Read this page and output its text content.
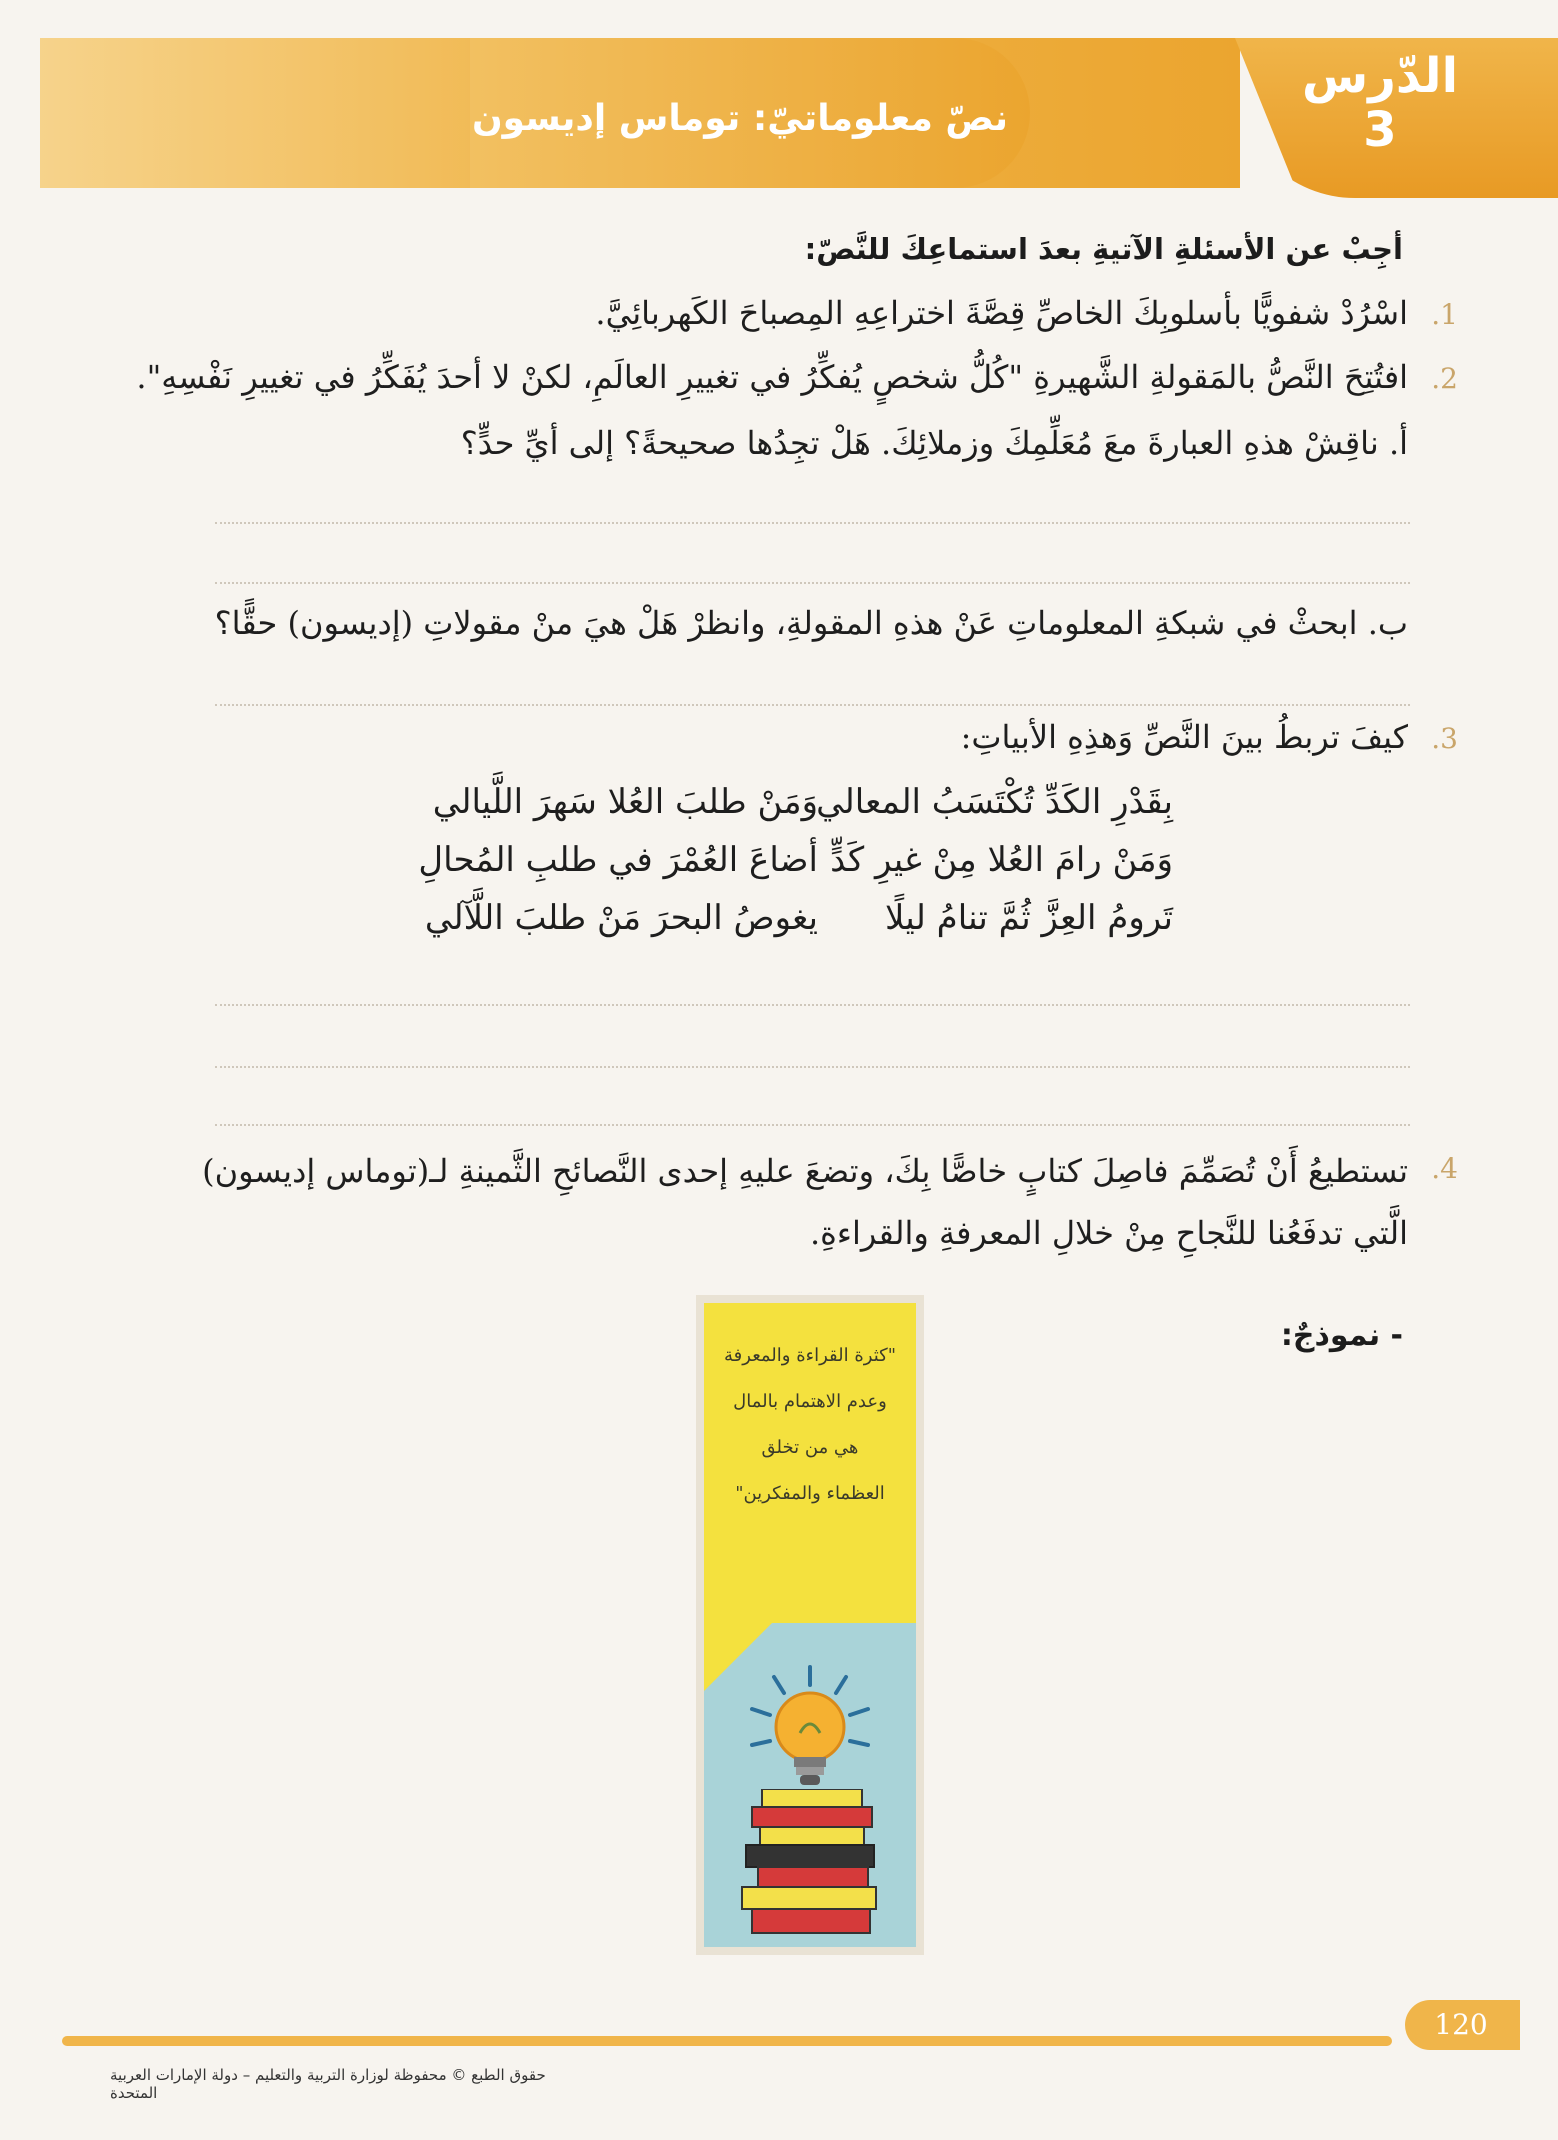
نصّ معلوماتيّ: توماس إديسون
الدّرس
3
أجِبْ عن الأسئلةِ الآتيةِ بعدَ استماعِكَ للنَّصّ:
1.
اسْرُدْ شفويًّا بأسلوبِكَ الخاصِّ قِصَّةَ اختراعِهِ المِصباحَ الكَهربائِيَّ.
2.
افتُتِحَ النَّصُّ بالمَقولةِ الشَّهيرةِ "كُلُّ شخصٍ يُفكِّرُ في تغييرِ العالَمِ، لكنْ لا أحدَ يُفَكِّرُ في تغييرِ نَفْسِهِ".
أ. ناقِشْ هذهِ العبارةَ معَ مُعَلِّمِكَ وزملائِكَ. هَلْ تجِدُها صحيحةً؟ إلى أيِّ حدٍّ؟
ب. ابحثْ في شبكةِ المعلوماتِ عَنْ هذهِ المقولةِ، وانظرْ هَلْ هيَ منْ مقولاتِ (إديسون) حقًّا؟
3.
كيفَ تربطُ بينَ النَّصِّ وَهذِهِ الأبياتِ:
بِقَدْرِ الكَدِّ تُكْتَسَبُ المعالي
وَمَنْ طلبَ العُلا سَهرَ اللَّيالي
وَمَنْ رامَ العُلا مِنْ غيرِ كَدٍّ
أضاعَ العُمْرَ في طلبِ المُحالِ
تَرومُ العِزَّ ثُمَّ تنامُ ليلًا
يغوصُ البحرَ مَنْ طلبَ اللَّآلي
4.
تستطيعُ أَنْ تُصَمِّمَ فاصِلَ كتابٍ خاصًّا بِكَ، وتضعَ عليهِ إحدى النَّصائحِ الثَّمينةِ لـ(توماس إديسون) الَّتي تدفَعُنا للنَّجاحِ مِنْ خلالِ المعرفةِ والقراءةِ.
- نموذجٌ:
"كثرة القراءة والمعرفة
وعدم الاهتمام بالمال
هي من تخلق
العظماء والمفكرين"
120
حقوق الطبع © محفوظة لوزارة التربية والتعليم – دولة الإمارات العربية المتحدة
